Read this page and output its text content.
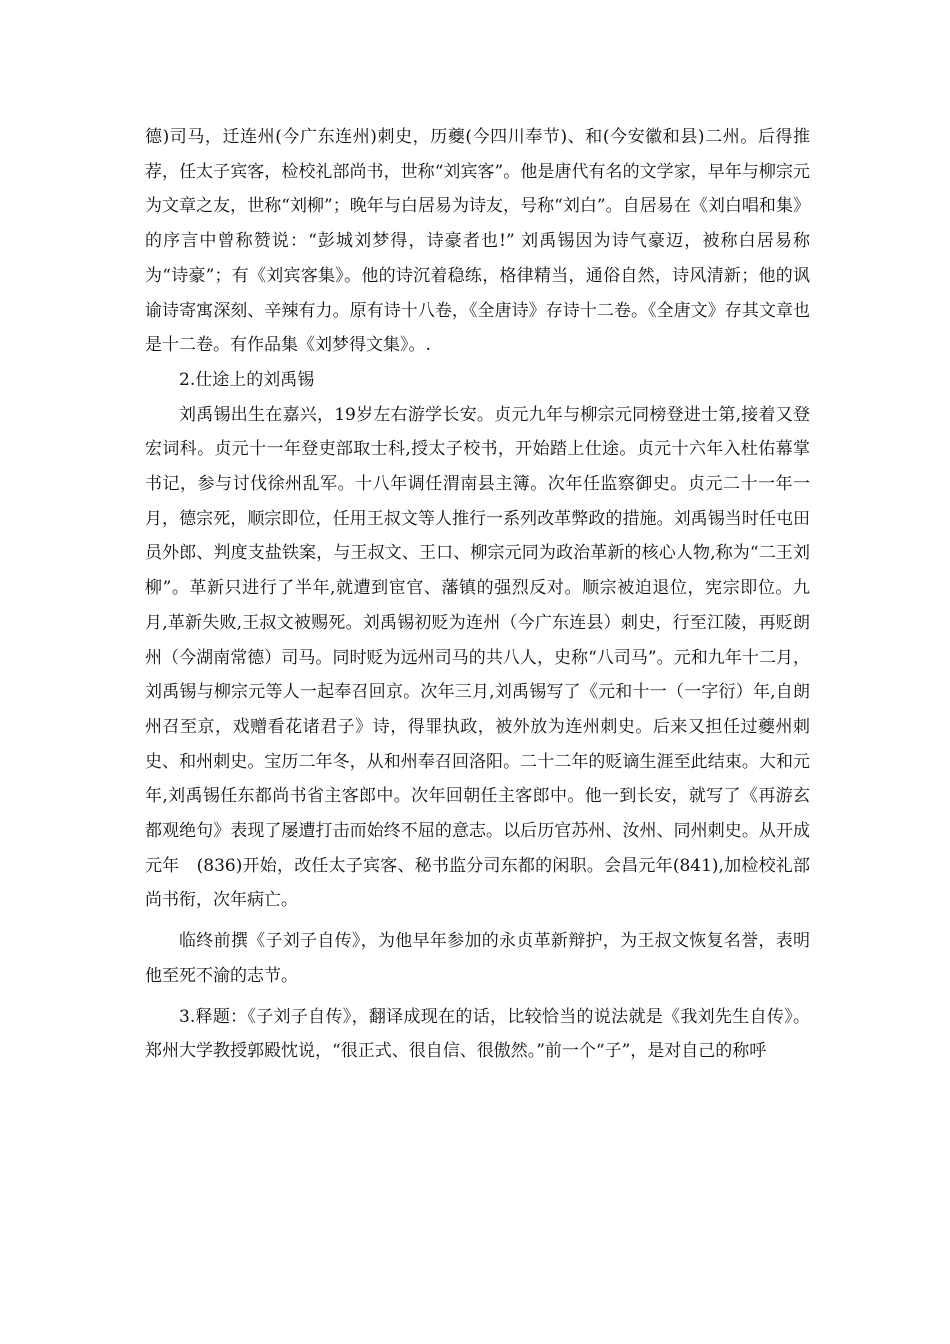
德)司马，迁连州(今广东连州)刺史，历夔(今四川奉节)、和(今安徽和县)二州。后得推荐，任太子宾客，检校礼部尚书，世称“刘宾客”。他是唐代有名的文学家，早年与柳宗元为文章之友，世称“刘柳”；晚年与白居易为诗友，号称“刘白”。自居易在《刘白唱和集》的序言中曾称赞说：“彭城刘梦得，诗豪者也!” 刘禹锡因为诗气豪迈，被称白居易称为“诗豪”；有《刘宾客集》。他的诗沉着稳练，格律精当，通俗自然，诗风清新；他的讽谕诗寄寓深刻、辛辣有力。原有诗十八卷，《全唐诗》存诗十二卷。《全唐文》存其文章也是十二卷。有作品集《刘梦得文集》。.

2.仕途上的刘禹锡

刘禹锡出生在嘉兴，19岁左右游学长安。贞元九年与柳宗元同榜登进士第,接着又登宏词科。贞元十一年登吏部取士科,授太子校书，开始踏上仕途。贞元十六年入杜佑幕掌书记，参与讨伐徐州乱军。十八年调任渭南县主簿。次年任监察御史。贞元二十一年一月，德宗死，顺宗即位，任用王叔文等人推行一系列改革弊政的措施。刘禹锡当时任屯田员外郎、判度支盐铁案，与王叔文、王口、柳宗元同为政治革新的核心人物,称为“二王刘柳”。革新只进行了半年,就遭到宦官、藩镇的强烈反对。顺宗被迫退位，宪宗即位。九月,革新失败,王叔文被赐死。刘禹锡初贬为连州（今广东连县）刺史，行至江陵，再贬朗州（今湖南常德）司马。同时贬为远州司马的共八人，史称“八司马”。元和九年十二月，刘禹锡与柳宗元等人一起奉召回京。次年三月,刘禹锡写了《元和十一（一字衍）年,自朗州召至京，戏赠看花诸君子》诗，得罪执政，被外放为连州刺史。后来又担任过夔州刺史、和州刺史。宝历二年冬，从和州奉召回洛阳。二十二年的贬谪生涯至此结束。大和元年,刘禹锡任东都尚书省主客郎中。次年回朝任主客郎中。他一到长安，就写了《再游玄都观绝句》表现了屡遭打击而始终不屈的意志。以后历官苏州、汝州、同州刺史。从开成元年　(836)开始，改任太子宾客、秘书监分司东都的闲职。会昌元年(841),加检校礼部尚书衔，次年病亡。

临终前撰《子刘子自传》，为他早年参加的永贞革新辩护，为王叔文恢复名誉，表明他至死不渝的志节。

3.释题：《子刘子自传》，翻译成现在的话，比较恰当的说法就是《我刘先生自传》。郑州大学教授郭殿忱说，“很正式、很自信、很傲然。”前一个“子”，是对自己的称呼
